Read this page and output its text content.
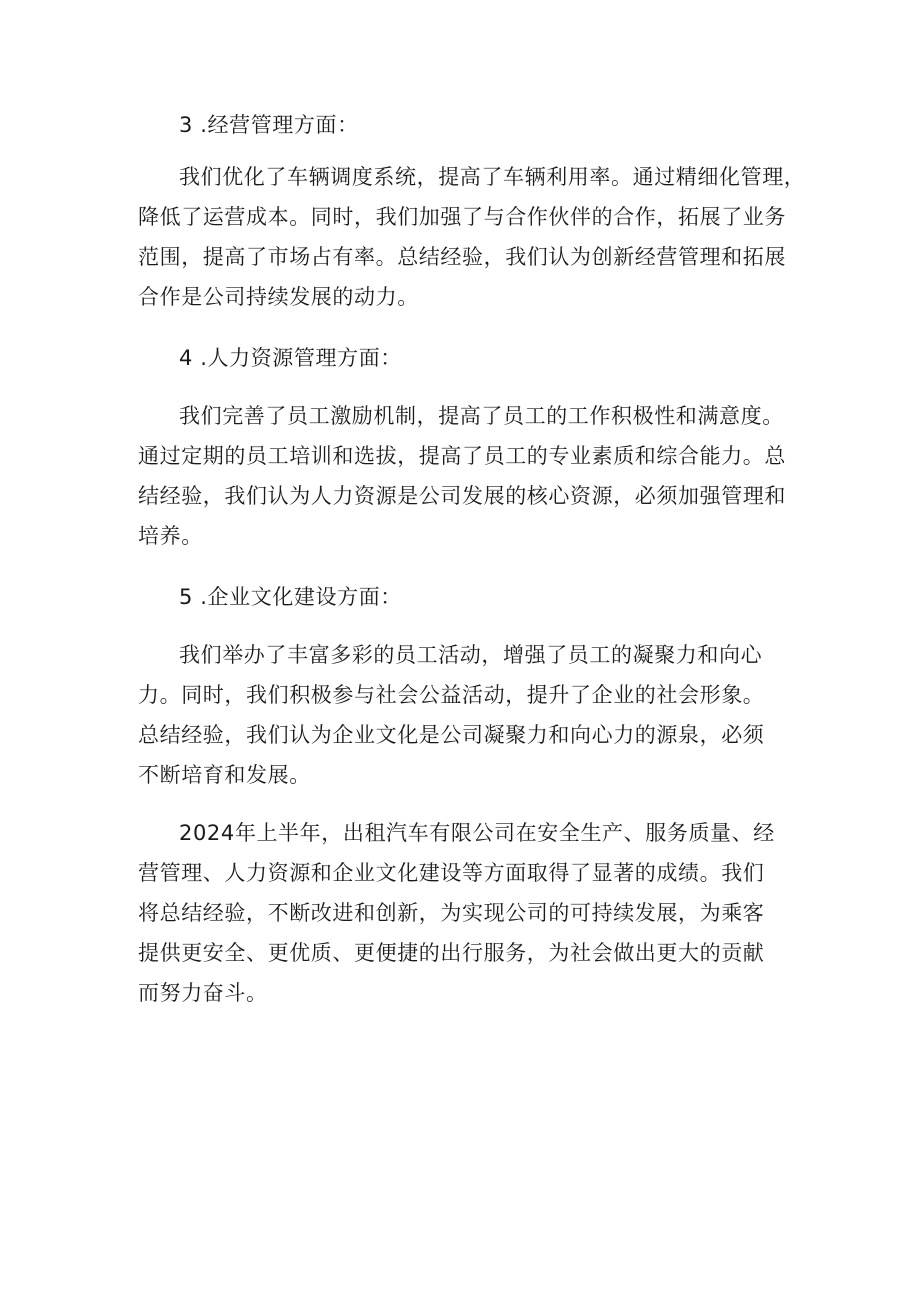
3 .经营管理方面：
我们优化了车辆调度系统，提高了车辆利用率。通过精细化管理，
降低了运营成本。同时，我们加强了与合作伙伴的合作，拓展了业务
范围，提高了市场占有率。总结经验，我们认为创新经营管理和拓展
合作是公司持续发展的动力。
4 .人力资源管理方面：
我们完善了员工激励机制，提高了员工的工作积极性和满意度。
通过定期的员工培训和选拔，提高了员工的专业素质和综合能力。总
结经验，我们认为人力资源是公司发展的核心资源，必须加强管理和
培养。
5 .企业文化建设方面：
我们举办了丰富多彩的员工活动，增强了员工的凝聚力和向心
力。同时，我们积极参与社会公益活动，提升了企业的社会形象。
总结经验，我们认为企业文化是公司凝聚力和向心力的源泉，必须
不断培育和发展。
2024年上半年，出租汽车有限公司在安全生产、服务质量、经
营管理、人力资源和企业文化建设等方面取得了显著的成绩。我们
将总结经验，不断改进和创新，为实现公司的可持续发展，为乘客
提供更安全、更优质、更便捷的出行服务，为社会做出更大的贡献
而努力奋斗。
